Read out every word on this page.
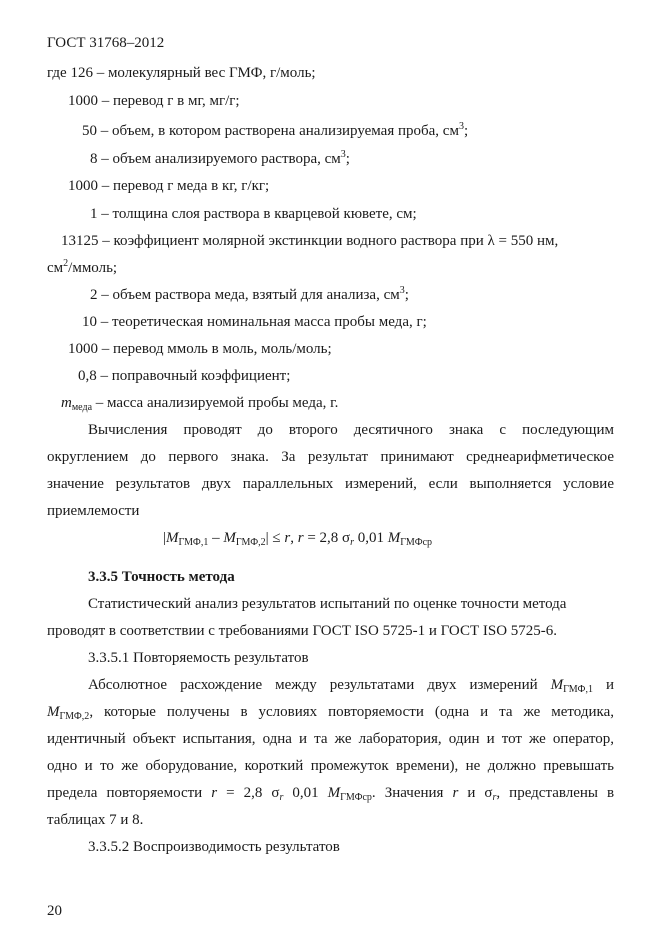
ГОСТ 31768–2012
где 126 – молекулярный вес ГМФ, г/моль;
1000 – перевод г в мг, мг/г;
50 – объем, в котором растворена анализируемая проба, $см^3$;
8 – объем анализируемого раствора, $см^3$;
1000 – перевод г меда в кг, г/кг;
1 – толщина слоя раствора в кварцевой кювете, см;
13125 – коэффициент молярной экстинкции водного раствора при λ = 550 нм,
$см^2$/ммоль;
2 – объем раствора меда, взятый для анализа, $см^3$;
10 – теоретическая номинальная масса пробы меда, г;
1000 – перевод ммоль в моль, моль/моль;
0,8 – поправочный коэффициент;
$m_{меда}$ – масса анализируемой пробы меда, г.
Вычисления проводят до второго десятичного знака с последующим
округлением до первого знака. За результат принимают среднеарифметическое
значение результатов двух параллельных измерений, если выполняется условие
приемлемости
$|M_{ГМФ,1} - M_{ГМФ,2}| \le r$, r = 2,8 $\sigma_r$ 0,01 $M_{ГМФср}$
3.3.5 Точность метода
Статистический анализ результатов испытаний по оценке точности метода
проводят в соответствии с требованиями ГОСТ ISO 5725-1 и ГОСТ ISO 5725-6.
3.3.5.1 Повторяемость результатов
Абсолютное расхождение между результатами двух измерений $M_{ГМФ,1}$ и
$M_{ГМФ,2}$, которые получены в условиях повторяемости (одна и та же методика,
идентичный объект испытания, одна и та же лаборатория, один и тот же оператор,
одно и то же оборудование, короткий промежуток времени), не должно превышать
предела повторяемости r = 2,8 $\sigma_r$ 0,01 $M_{ГМФср}$. Значения r и $\sigma_r$, представлены в
таблицах 7 и 8.
3.3.5.2 Воспроизводимость результатов
20
